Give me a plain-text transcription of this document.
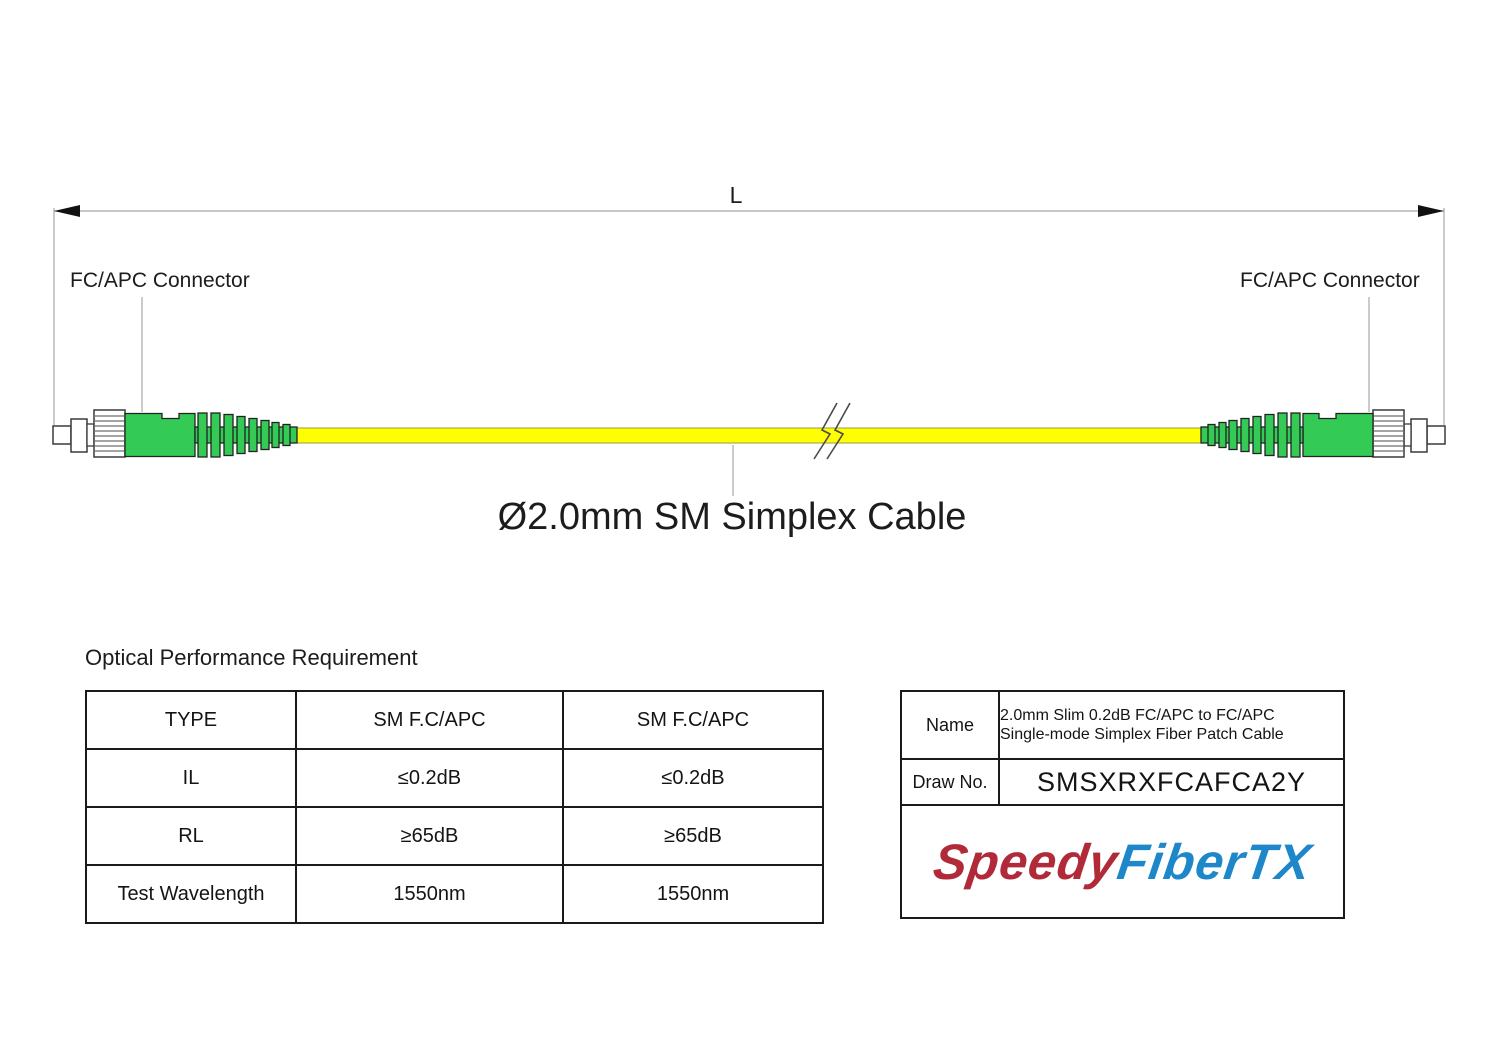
L
FC/APC Connector	FC/APC Connector
Ø2.0mm SM Simplex Cable
Optical Performance Requirement
TYPE	SM F.C/APC	SM F.C/APC
IL	≤0.2dB	≤0.2dB
RL	≥65dB	≥65dB
Test Wavelength	1550nm	1550nm
Name	2.0mm Slim 0.2dB FC/APC to FC/APC
Single-mode Simplex Fiber Patch Cable

Draw No.	SMSXRXFCAFCA2Y
SpeedyFiberTX	
